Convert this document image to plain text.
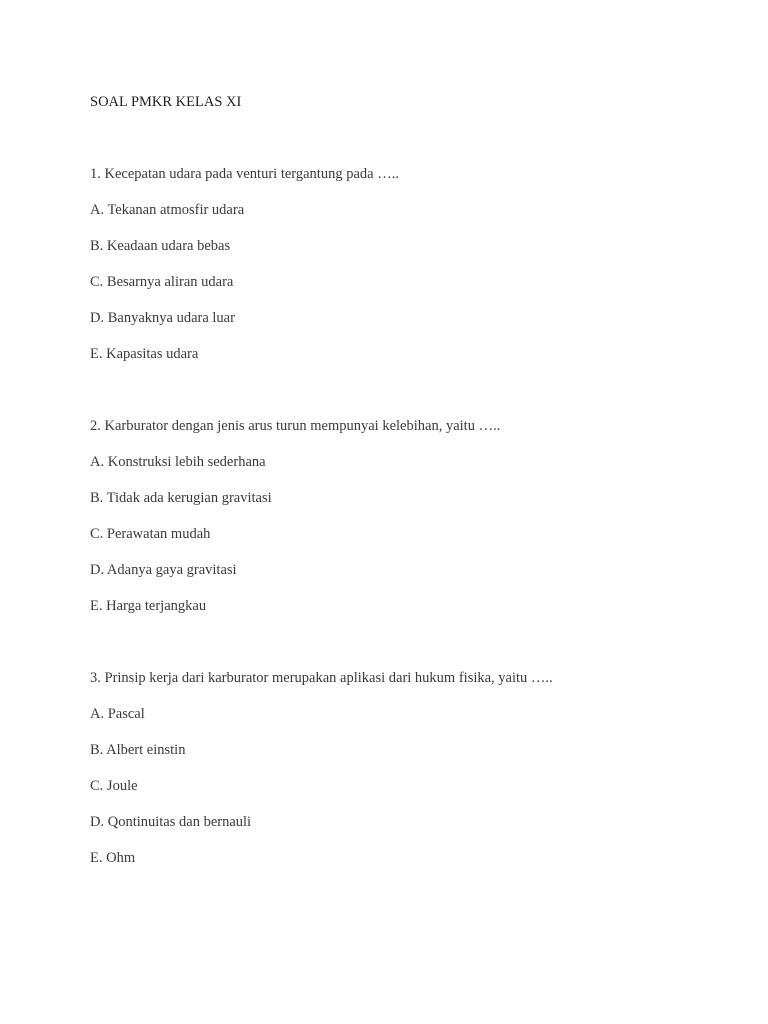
SOAL PMKR KELAS XI
1. Kecepatan udara pada venturi tergantung pada …..
A. Tekanan atmosfir udara
B. Keadaan udara bebas
C. Besarnya aliran udara
D. Banyaknya udara luar
E. Kapasitas udara
2. Karburator dengan jenis arus turun mempunyai kelebihan, yaitu …..
A. Konstruksi lebih sederhana
B. Tidak ada kerugian gravitasi
C. Perawatan mudah
D. Adanya gaya gravitasi
E. Harga terjangkau
3. Prinsip kerja dari karburator merupakan aplikasi dari hukum fisika, yaitu …..
A. Pascal
B. Albert einstin
C. Joule
D. Qontinuitas dan bernauli
E. Ohm
